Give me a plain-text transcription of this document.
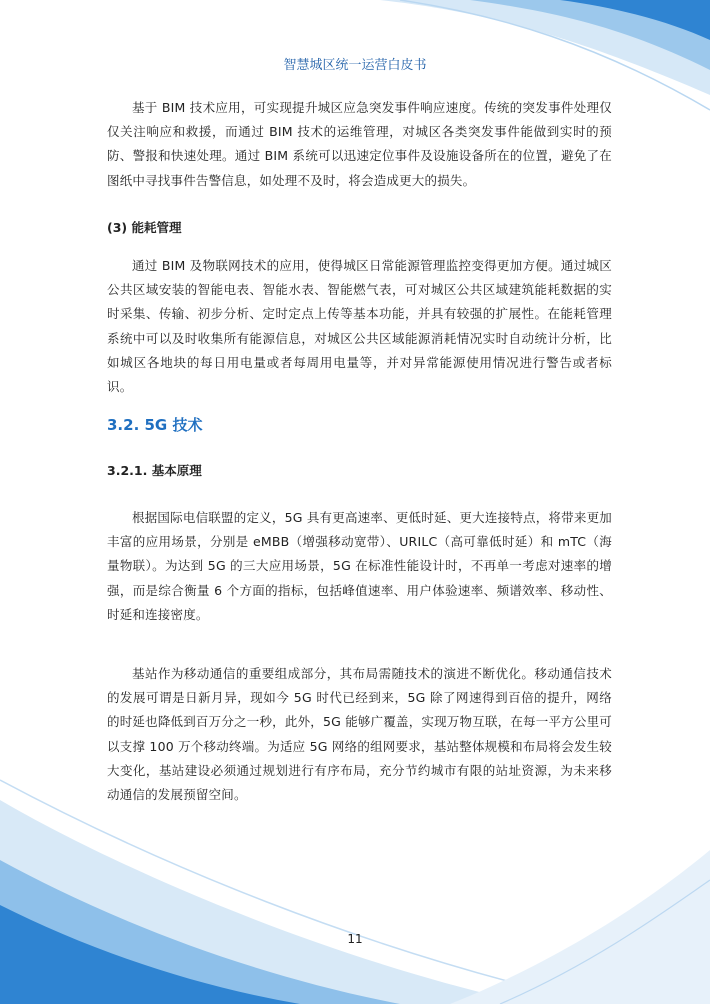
智慧城区统一运营白皮书

基于 BIM 技术应用，可实现提升城区应急突发事件响应速度。传统的突发事件处理仅仅关注响应和救援，而通过 BIM 技术的运维管理，对城区各类突发事件能做到实时的预防、警报和快速处理。通过 BIM 系统可以迅速定位事件及设施设备所在的位置，避免了在图纸中寻找事件告警信息，如处理不及时，将会造成更大的损失。

(3) 能耗管理

通过 BIM 及物联网技术的应用，使得城区日常能源管理监控变得更加方便。通过城区公共区域安装的智能电表、智能水表、智能燃气表，可对城区公共区域建筑能耗数据的实时采集、传输、初步分析、定时定点上传等基本功能，并具有较强的扩展性。在能耗管理系统中可以及时收集所有能源信息，对城区公共区域能源消耗情况实时自动统计分析，比如城区各地块的每日用电量或者每周用电量等，并对异常能源使用情况进行警告或者标识。

3.2. 5G 技术
3.2.1. 基本原理

根据国际电信联盟的定义，5G 具有更高速率、更低时延、更大连接特点，将带来更加丰富的应用场景，分别是 eMBB（增强移动宽带）、URILC（高可靠低时延）和 mTC（海量物联）。为达到 5G 的三大应用场景，5G 在标准性能设计时，不再单一考虑对速率的增强，而是综合衡量 6 个方面的指标，包括峰值速率、用户体验速率、频谱效率、移动性、时延和连接密度。

基站作为移动通信的重要组成部分，其布局需随技术的演进不断优化。移动通信技术的发展可谓是日新月异，现如今 5G 时代已经到来，5G 除了网速得到百倍的提升，网络的时延也降低到百万分之一秒，此外，5G 能够广覆盖，实现万物互联，在每一平方公里可以支撑 100 万个移动终端。为适应 5G 网络的组网要求，基站整体规模和布局将会发生较大变化，基站建设必须通过规划进行有序布局，充分节约城市有限的站址资源，为未来移动通信的发展预留空间。

11
